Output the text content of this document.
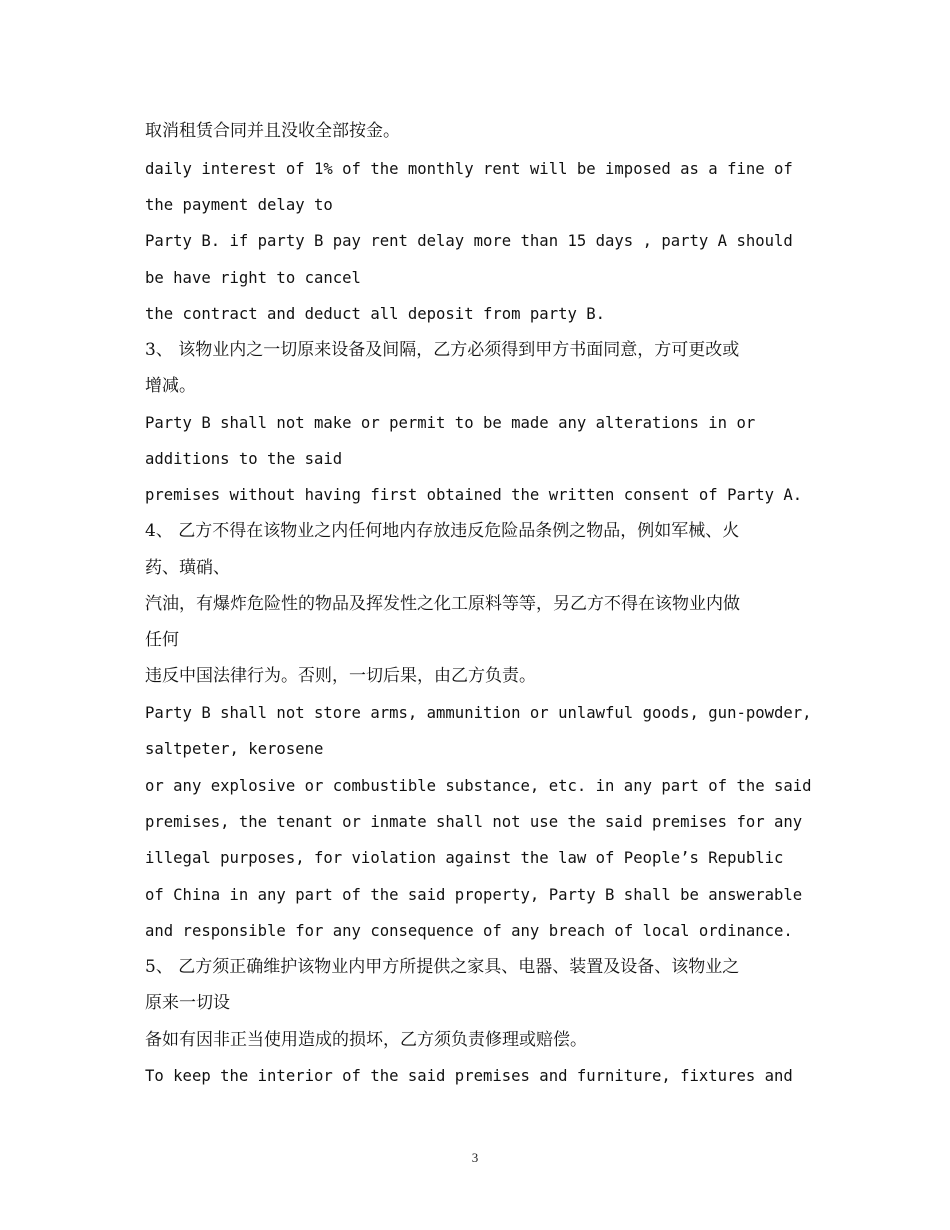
取消租赁合同并且没收全部按金。
daily interest of 1% of the monthly rent will be imposed as a fine of
the payment delay to
Party B. if party B pay rent delay more than 15 days , party A should
be have right to cancel
the contract and deduct all deposit from party B.
3、 该物业内之一切原来设备及间隔，乙方必须得到甲方书面同意，方可更改或
增减。
Party B shall not make or permit to be made any alterations in or
additions to the said
premises without having first obtained the written consent of Party A.
4、 乙方不得在该物业之内任何地内存放违反危险品条例之物品，例如军械、火
药、璜硝、
汽油，有爆炸危险性的物品及挥发性之化工原料等等，另乙方不得在该物业内做
任何
违反中国法律行为。否则，一切后果，由乙方负责。
Party B shall not store arms, ammunition or unlawful goods, gun-powder,
saltpeter, kerosene
or any explosive or combustible substance, etc. in any part of the said
premises, the tenant or inmate shall not use the said premises for any
illegal purposes, for violation against the law of People’s Republic
of China in any part of the said property, Party B shall be answerable
and responsible for any consequence of any breach of local ordinance.
5、 乙方须正确维护该物业内甲方所提供之家具、电器、装置及设备、该物业之
原来一切设
备如有因非正当使用造成的损坏，乙方须负责修理或赔偿。
To keep the interior of the said premises and furniture, fixtures and
3
